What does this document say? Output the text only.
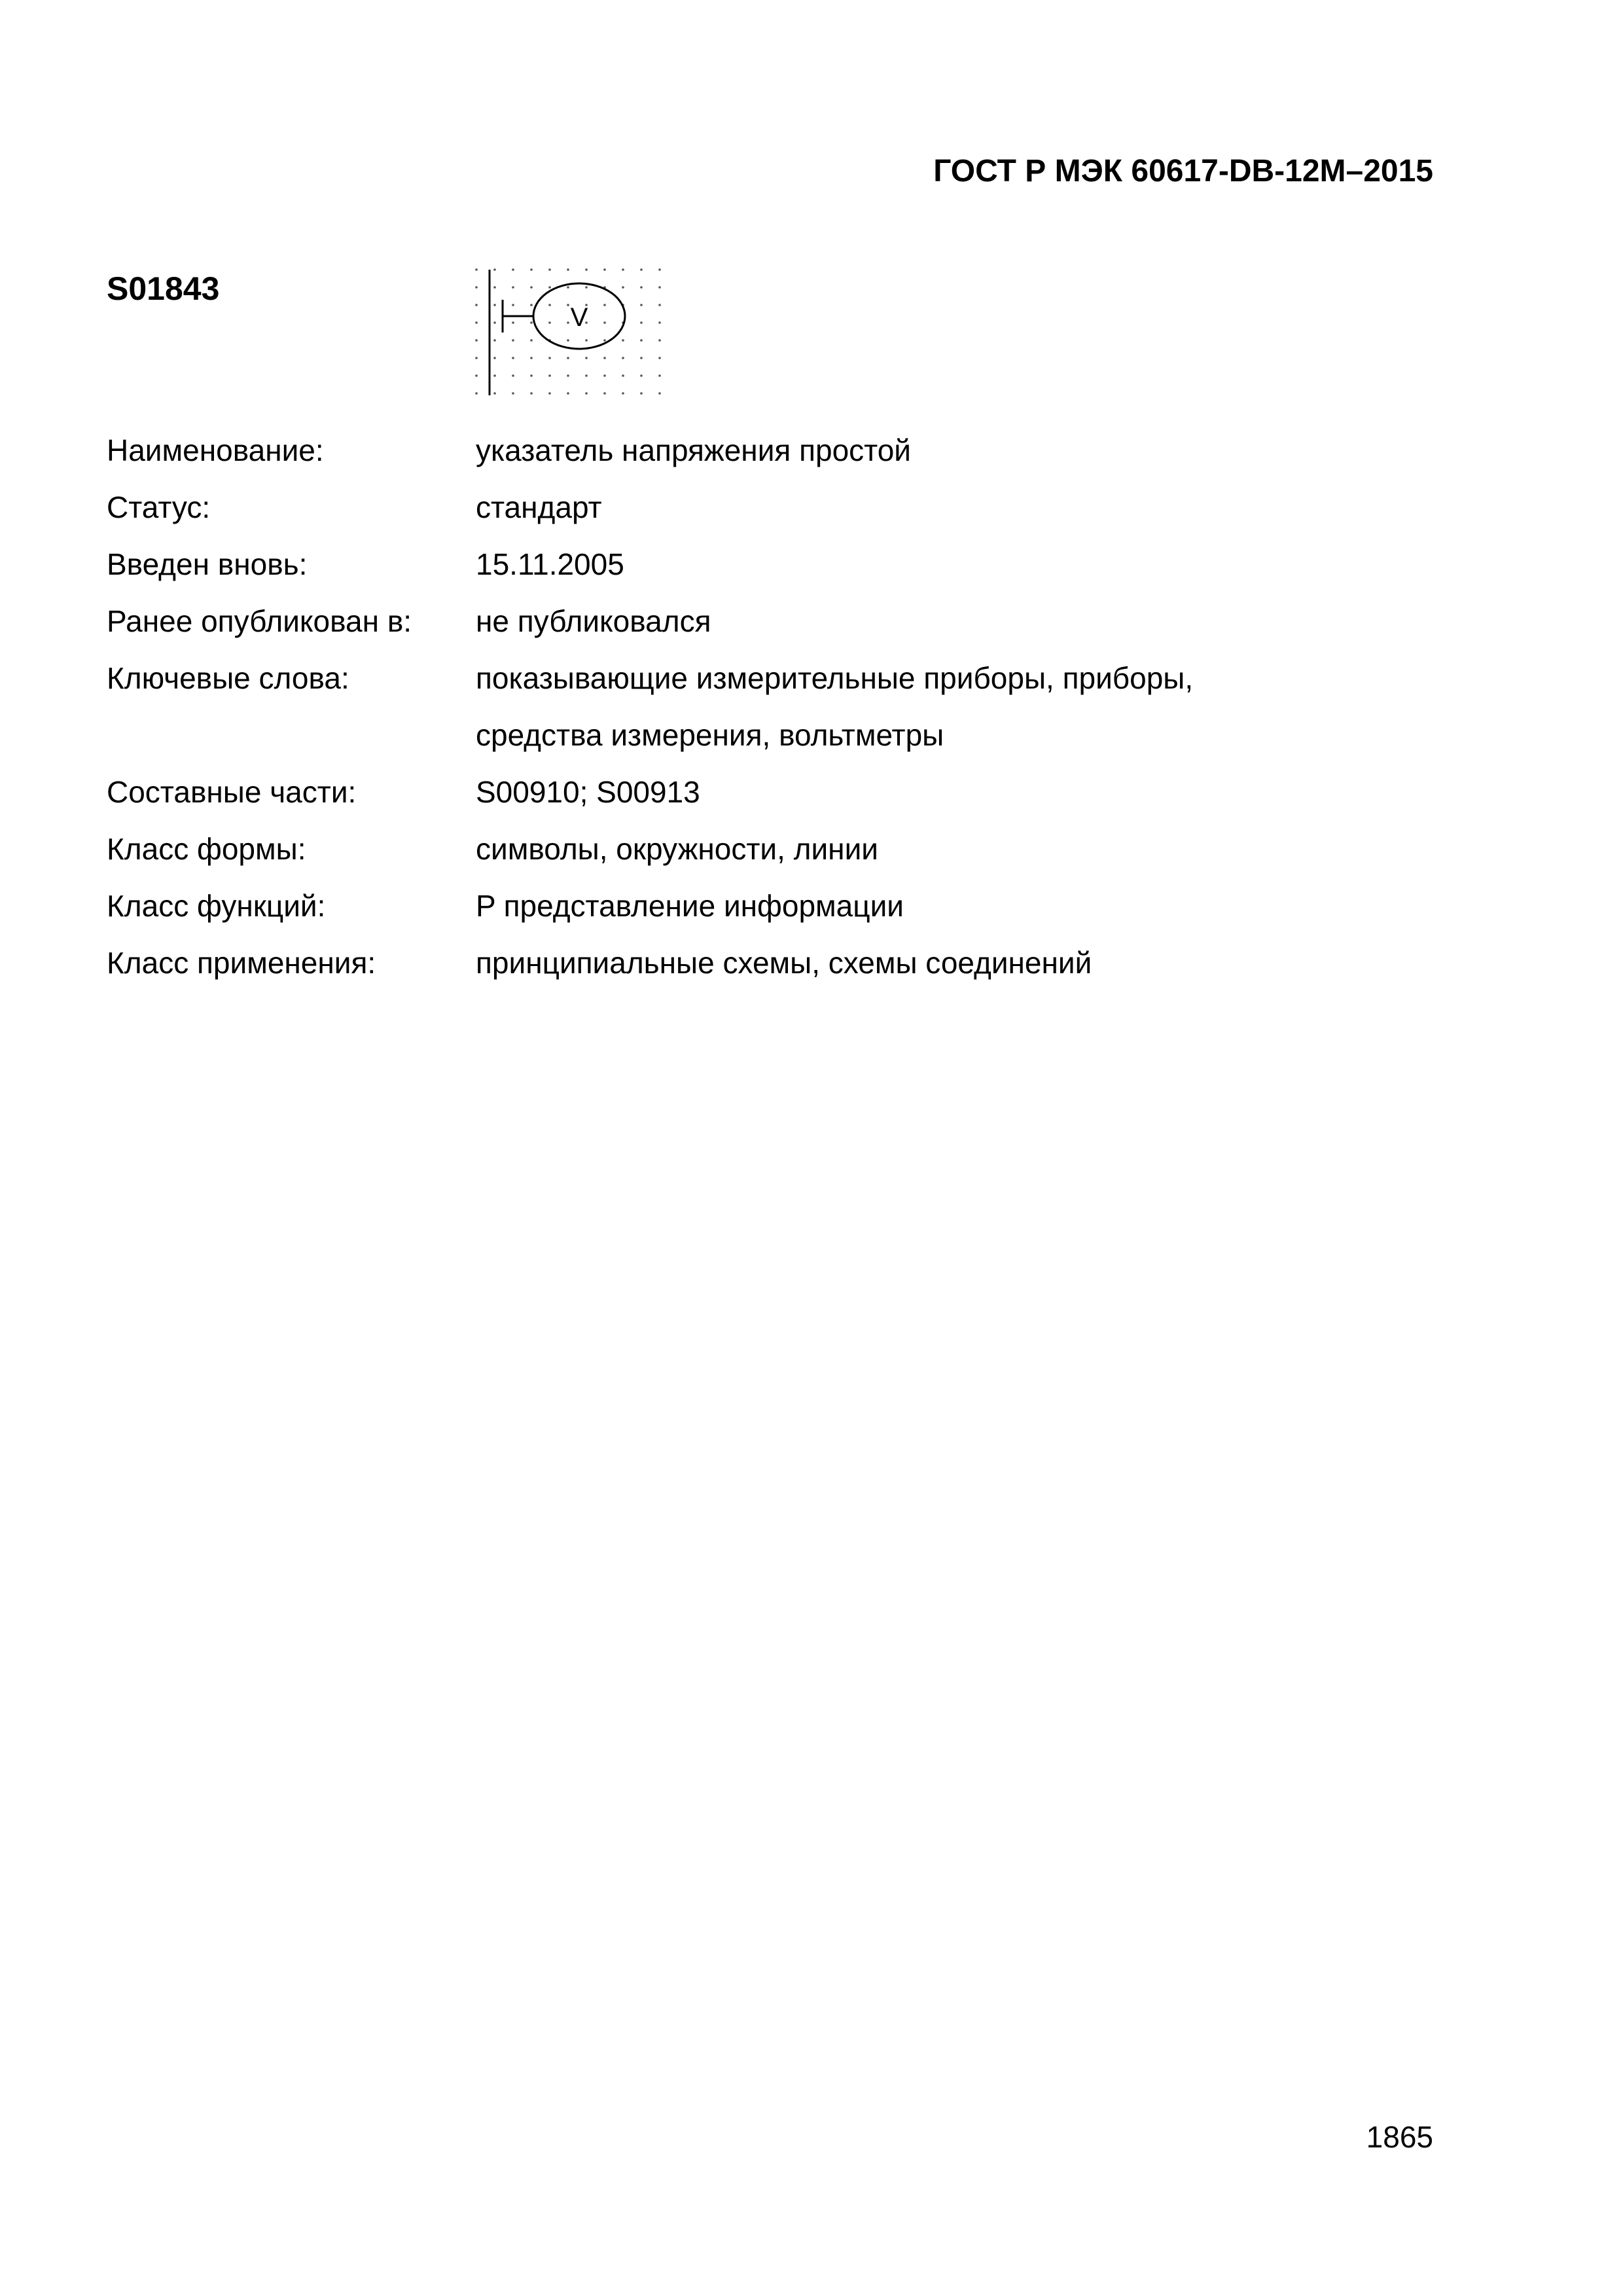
ГОСТ Р МЭК 60617-DB-12M–2015
S01843
V
Наименование:	указатель напряжения простой
Статус:	стандарт
Введен вновь:	15.11.2005
Ранее опубликован в: не публиковался
Ключевые слова:	показывающие измерительные приборы, приборы,
средства измерения, вольтметры
Составные части:	S00910; S00913
Класс формы:	символы, окружности, линии
Класс функций:	P представление информации
Класс применения:	принципиальные схемы, схемы соединений
1865
